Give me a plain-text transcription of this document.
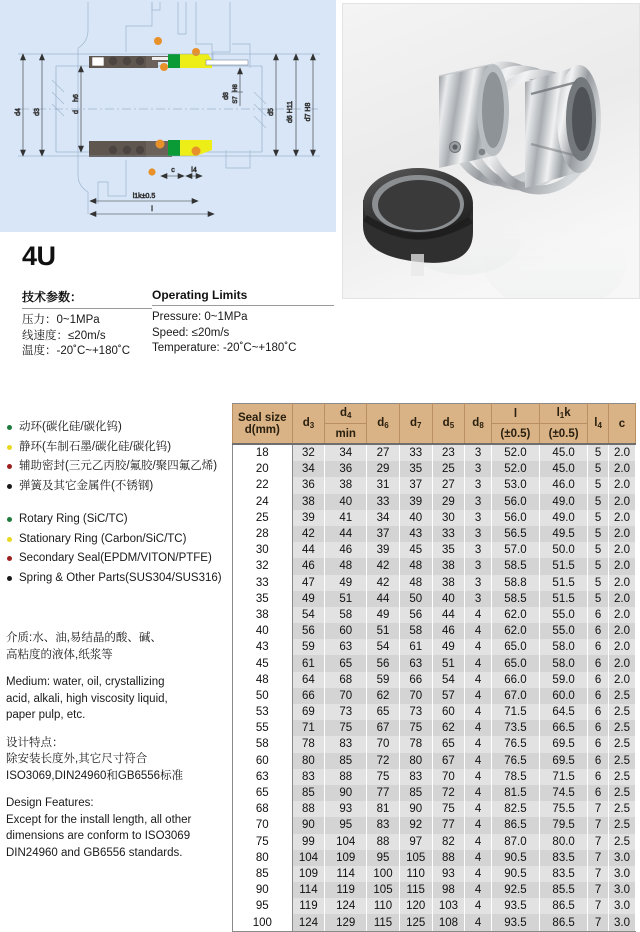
d4 d3	d
h6	d8
H8
S7
d5 d6 H11 d7 H8
c l4
l1k±0.5
l
4U
技术参数：
压力：0~1MPa
线速度：≤20m/s
温度：-20˚C~+180˚C
Operating Limits
Pressure: 0~1MPa
Speed: ≤20m/s
Temperature: -20˚C~+180˚C
动环(碳化硅/碳化钨)
静环(车制石墨/碳化硅/碳化钨)
辅助密封(三元乙丙胶/氟胶/聚四氟乙烯)
弹簧及其它金属件(不锈钢)
Rotary Ring (SiC/TC)
Stationary Ring (Carbon/SiC/TC)
Secondary Seal(EPDM/VITON/PTFE)
Spring & Other Parts(SUS304/SUS316)

介质:水、油,易结晶的酸、碱、
高粘度的液体,纸浆等

Medium: water, oil, crystallizing
acid, alkali, high viscosity liquid,
paper pulp, etc.

设计特点：
除安装长度外,其它尺寸符合
ISO3069,DIN24960和GB6556标准

Design Features:
Except for the install length, all other
dimensions are conform to ISO3069
DIN24960 and GB6556 standards.

Seal size
d(mm)	$d_3$	$d_4$	$d_6$	$d_7$	$d_5$	$d_8$	l	$l_1k$	$l_4$	c
		min					(±0.5)	(±0.5)		
18	32	34	27	33	23	3	52.0	45.0	5	2.0
20	34	36	29	35	25	3	52.0	45.0	5	2.0
22	36	38	31	37	27	3	53.0	46.0	5	2.0
24	38	40	33	39	29	3	56.0	49.0	5	2.0
25	39	41	34	40	30	3	56.0	49.0	5	2.0
28	42	44	37	43	33	3	56.5	49.5	5	2.0
30	44	46	39	45	35	3	57.0	50.0	5	2.0
32	46	48	42	48	38	3	58.5	51.5	5	2.0
33	47	49	42	48	38	3	58.8	51.5	5	2.0
35	49	51	44	50	40	3	58.5	51.5	5	2.0
38	54	58	49	56	44	4	62.0	55.0	6	2.0
40	56	60	51	58	46	4	62.0	55.0	6	2.0
43	59	63	54	61	49	4	65.0	58.0	6	2.0
45	61	65	56	63	51	4	65.0	58.0	6	2.0
48	64	68	59	66	54	4	66.0	59.0	6	2.0
50	66	70	62	70	57	4	67.0	60.0	6	2.5
53	69	73	65	73	60	4	71.5	64.5	6	2.5
55	71	75	67	75	62	4	73.5	66.5	6	2.5
58	78	83	70	78	65	4	76.5	69.5	6	2.5
60	80	85	72	80	67	4	76.5	69.5	6	2.5
63	83	88	75	83	70	4	78.5	71.5	6	2.5
65	85	90	77	85	72	4	81.5	74.5	6	2.5
68	88	93	81	90	75	4	82.5	75.5	7	2.5
70	90	95	83	92	77	4	86.5	79.5	7	2.5
75	99	104	88	97	82	4	87.0	80.0	7	2.5
80	104	109	95	105	88	4	90.5	83.5	7	3.0
85	109	114	100	110	93	4	90.5	83.5	7	3.0
90	114	119	105	115	98	4	92.5	85.5	7	3.0
95	119	124	110	120	103	4	93.5	86.5	7	3.0
100	124	129	115	125	108	4	93.5	86.5	7	3.0
